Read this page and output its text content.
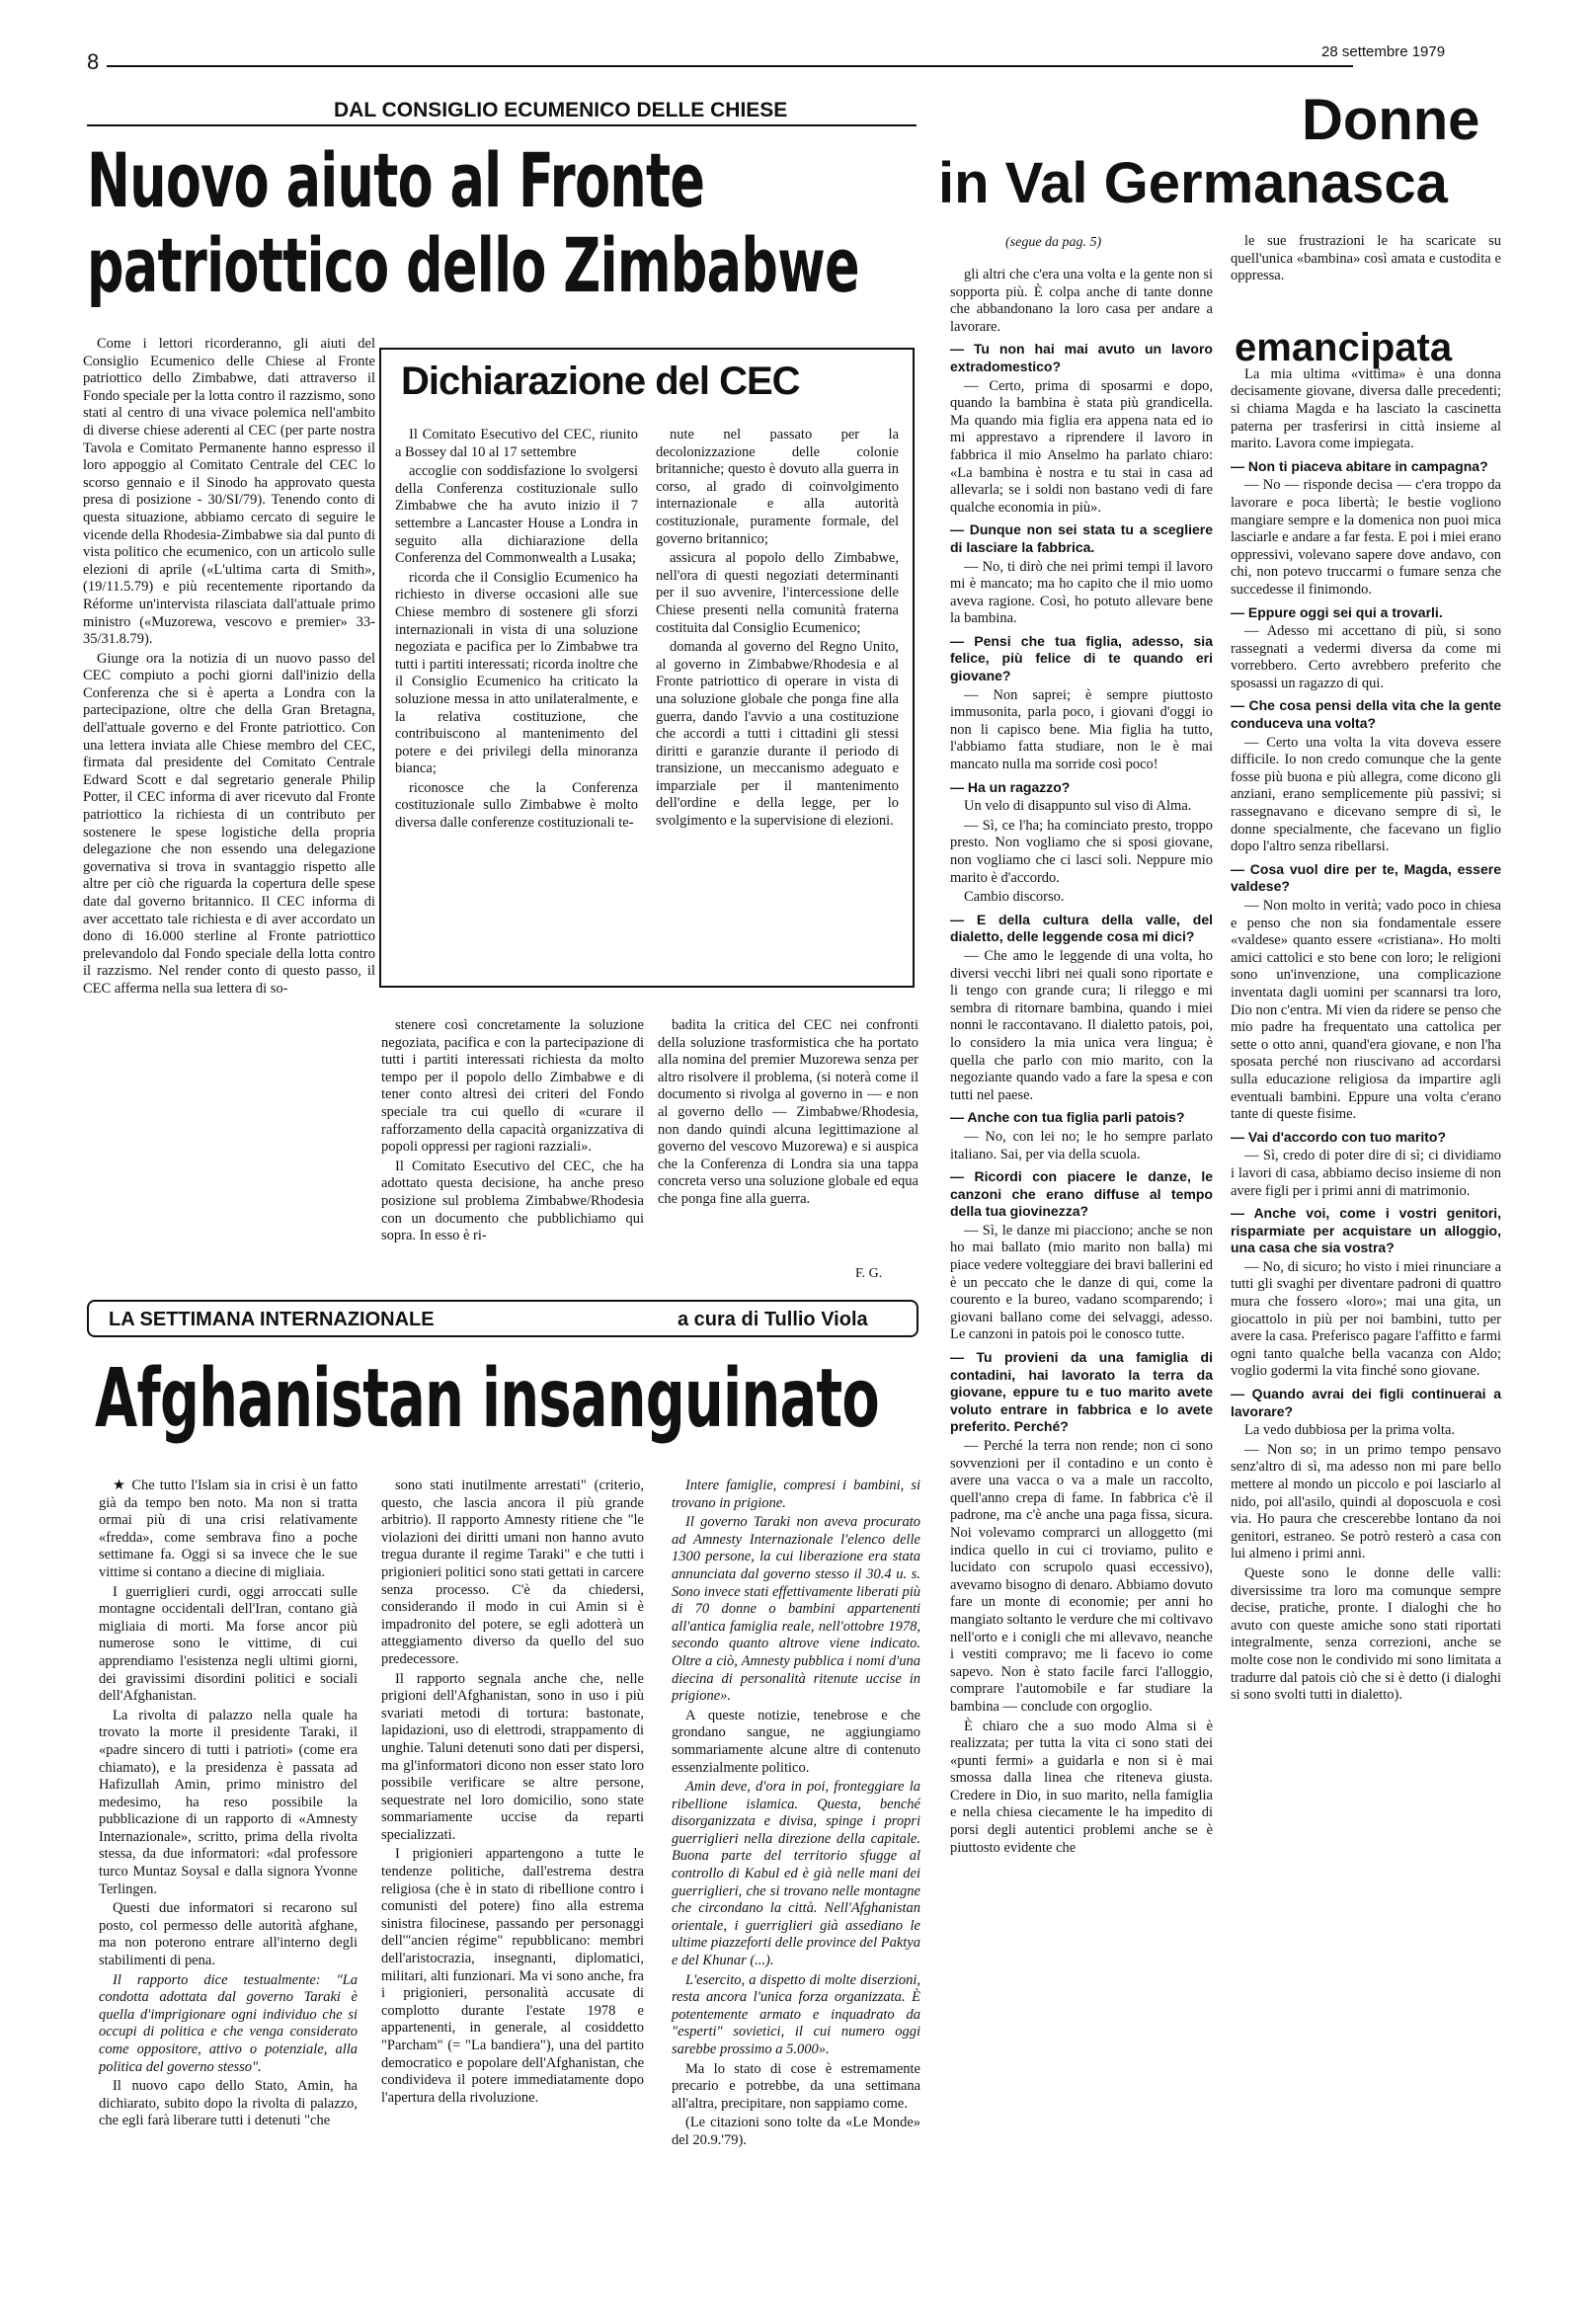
8	28 settembre 1979
DAL CONSIGLIO ECUMENICO DELLE CHIESE
Nuovo aiuto al Fronte
patriottico dello Zimbabwe

Come i lettori ricorderanno, gli aiuti del Consiglio Ecumenico delle Chiese al Fronte patriottico dello Zimbabwe, dati attraverso il Fondo speciale per la lotta contro il razzismo, sono stati al centro di una vivace polemica nell'ambito di diverse chiese aderenti al CEC (per parte nostra Tavola e Comitato Permanente hanno espresso il loro appoggio al Comitato Centrale del CEC lo scorso gennaio e il Sinodo ha approvato questa presa di posizione - 30/SI/79). Tenendo conto di questa situazione, abbiamo cercato di seguire le vicende della Rhodesia-Zimbabwe sia dal punto di vista politico che ecumenico, con un articolo sulle elezioni di aprile («L'ultima carta di Smith», (19/11.5.79) e più recentemente riportando da Réforme un'intervista rilasciata dall'attuale primo ministro («Muzorewa, vescovo e premier» 33-35/31.8.79).

Giunge ora la notizia di un nuovo passo del CEC compiuto a pochi giorni dall'inizio della Conferenza che si è aperta a Londra con la partecipazione, oltre che della Gran Bretagna, dell'attuale governo e del Fronte patriottico. Con una lettera inviata alle Chiese membro del CEC, firmata dal presidente del Comitato Centrale Edward Scott e dal segretario generale Philip Potter, il CEC informa di aver ricevuto dal Fronte patriottico la richiesta di un contributo per sostenere le spese logistiche della propria delegazione che non essendo una delegazione governativa si trova in svantaggio rispetto alle altre per ciò che riguarda la copertura delle spese date dal governo britannico. Il CEC informa di aver accettato tale richiesta e di aver accordato un dono di 16.000 sterline al Fronte patriottico prelevandolo dal Fondo speciale della lotta contro il razzismo. Nel render conto di questo passo, il CEC afferma nella sua lettera di so-

Dichiarazione del CEC

Il Comitato Esecutivo del CEC, riunito a Bossey dal 10 al 17 settembre

accoglie con soddisfazione lo svolgersi della Conferenza costituzionale sullo Zimbabwe che ha avuto inizio il 7 settembre a Lancaster House a Londra in seguito alla dichiarazione della Conferenza del Commonwealth a Lusaka;

ricorda che il Consiglio Ecumenico ha richiesto in diverse occasioni alle sue Chiese membro di sostenere gli sforzi internazionali in vista di una soluzione negoziata e pacifica per lo Zimbabwe tra tutti i partiti interessati; ricorda inoltre che il Consiglio Ecumenico ha criticato la soluzione messa in atto unilateralmente, e la relativa costituzione, che contribuiscono al mantenimento del potere e dei privilegi della minoranza bianca;

riconosce che la Conferenza costituzionale sullo Zimbabwe è molto diversa dalle conferenze costituzionali te-

nute nel passato per la decolonizzazione delle colonie britanniche; questo è dovuto alla guerra in corso, al grado di coinvolgimento internazionale e alla autorità costituzionale, puramente formale, del governo britannico;

assicura al popolo dello Zimbabwe, nell'ora di questi negoziati determinanti per il suo avvenire, l'intercessione delle Chiese presenti nella comunità fraterna costituita dal Consiglio Ecumenico;

domanda al governo del Regno Unito, al governo in Zimbabwe/Rhodesia e al Fronte patriottico di operare in vista di una soluzione globale che ponga fine alla guerra, dando l'avvio a una costituzione che accordi a tutti i cittadini gli stessi diritti e garanzie durante il periodo di transizione, un meccanismo adeguato e imparziale per il mantenimento dell'ordine e della legge, per lo svolgimento e la supervisione di elezioni.

stenere così concretamente la soluzione negoziata, pacifica e con la partecipazione di tutti i partiti interessati richiesta da molto tempo per il popolo dello Zimbabwe e di tener conto altresì dei criteri del Fondo speciale tra cui quello di «curare il rafforzamento della capacità organizzativa di popoli oppressi per ragioni razziali».

Il Comitato Esecutivo del CEC, che ha adottato questa decisione, ha anche preso posizione sul problema Zimbabwe/Rhodesia con un documento che pubblichiamo qui sopra. In esso è ri-

badita la critica del CEC nei confronti della soluzione trasformistica che ha portato alla nomina del premier Muzorewa senza per altro risolvere il problema, (si noterà come il documento si rivolga al governo in — e non al governo dello — Zimbabwe/Rhodesia, non dando quindi alcuna legittimazione al governo del vescovo Muzorewa) e si auspica che la Conferenza di Londra sia una tappa concreta verso una soluzione globale ed equa che ponga fine alla guerra.

F. G.
LA SETTIMANA INTERNAZIONALE	a cura di Tullio Viola
Afghanistan insanguinato

★ Che tutto l'Islam sia in crisi è un fatto già da tempo ben noto. Ma non si tratta ormai più di una crisi relativamente «fredda», come sembrava fino a poche settimane fa. Oggi si sa invece che le sue vittime si contano a diecine di migliaia.

I guerriglieri curdi, oggi arroccati sulle montagne occidentali dell'Iran, contano già migliaia di morti. Ma forse ancor più numerose sono le vittime, di cui apprendiamo l'esistenza negli ultimi giorni, dei gravissimi disordini politici e sociali dell'Afghanistan.

La rivolta di palazzo nella quale ha trovato la morte il presidente Taraki, il «padre sincero di tutti i patrioti» (come era chiamato), e la presidenza è passata ad Hafizullah Amin, primo ministro del medesimo, ha reso possibile la pubblicazione di un rapporto di «Amnesty Internazionale», scritto, prima della rivolta stessa, da due informatori: «dal professore turco Muntaz Soysal e dalla signora Yvonne Terlingen.

Questi due informatori si recarono sul posto, col permesso delle autorità afghane, ma non poterono entrare all'interno degli stabilimenti di pena.

Il rapporto dice testualmente: "La condotta adottata dal governo Taraki è quella d'imprigionare ogni individuo che si occupi di politica e che venga considerato come oppositore, attivo o potenziale, alla politica del governo stesso".

Il nuovo capo dello Stato, Amin, ha dichiarato, subito dopo la rivolta di palazzo, che egli farà liberare tutti i detenuti "che

sono stati inutilmente arrestati" (criterio, questo, che lascia ancora il più grande arbitrio). Il rapporto Amnesty ritiene che "le violazioni dei diritti umani non hanno avuto tregua durante il regime Taraki" e che tutti i prigionieri politici sono stati gettati in carcere senza processo. C'è da chiedersi, considerando il modo in cui Amin si è impadronito del potere, se egli adotterà un atteggiamento diverso da quello del suo predecessore.

Il rapporto segnala anche che, nelle prigioni dell'Afghanistan, sono in uso i più svariati metodi di tortura: bastonate, lapidazioni, uso di elettrodi, strappamento di unghie. Taluni detenuti sono dati per dispersi, ma gl'informatori dicono non esser stato loro possibile verificare se altre persone, sequestrate nel loro domicilio, sono state sommariamente uccise da reparti specializzati.

I prigionieri appartengono a tutte le tendenze politiche, dall'estrema destra religiosa (che è in stato di ribellione contro i comunisti del potere) fino alla estrema sinistra filocinese, passando per personaggi dell'"ancien régime" repubblicano: membri dell'aristocrazia, insegnanti, diplomatici, militari, alti funzionari. Ma vi sono anche, fra i prigionieri, personalità accusate di complotto durante l'estate 1978 e appartenenti, in generale, al cosiddetto "Parcham" (= "La bandiera"), una del partito democratico e popolare dell'Afghanistan, che condivideva il potere immediatamente dopo l'apertura della rivoluzione.

Intere famiglie, compresi i bambini, si trovano in prigione.

Il governo Taraki non aveva procurato ad Amnesty Internazionale l'elenco delle 1300 persone, la cui liberazione era stata annunciata dal governo stesso il 30.4 u. s. Sono invece stati effettivamente liberati più di 70 donne o bambini appartenenti all'antica famiglia reale, nell'ottobre 1978, secondo quanto altrove viene indicato. Oltre a ciò, Amnesty pubblica i nomi d'una diecina di personalità ritenute uccise in prigione».

A queste notizie, tenebrose e che grondano sangue, ne aggiungiamo sommariamente alcune altre di contenuto essenzialmente politico.

Amin deve, d'ora in poi, fronteggiare la ribellione islamica. Questa, benché disorganizzata e divisa, spinge i propri guerriglieri nella direzione della capitale. Buona parte del territorio sfugge al controllo di Kabul ed è già nelle mani dei guerriglieri, che si trovano nelle montagne che circondano la città. Nell'Afghanistan orientale, i guerriglieri già assediano le ultime piazzeforti delle province del Paktya e del Khunar (...).

L'esercito, a dispetto di molte diserzioni, resta ancora l'unica forza organizzata. È potentemente armato e inquadrato da "esperti" sovietici, il cui numero oggi sarebbe prossimo a 5.000».

Ma lo stato di cose è estremamente precario e potrebbe, da una settimana all'altra, precipitare, non sappiamo come.

(Le citazioni sono tolte da «Le Monde» del 20.9.'79).

Donne
in Val Germanasca
(segue da pag. 5)

gli altri che c'era una volta e la gente non si sopporta più. È colpa anche di tante donne che abbandonano la loro casa per andare a lavorare.

— Tu non hai mai avuto un lavoro extradomestico?

— Certo, prima di sposarmi e dopo, quando la bambina è stata più grandicella. Ma quando mia figlia era appena nata ed io mi apprestavo a riprendere il lavoro in fabbrica il mio Anselmo ha parlato chiaro: «La bambina è nostra e tu stai in casa ad allevarla; se i soldi non bastano vedi di fare qualche economia in più».

— Dunque non sei stata tu a scegliere di lasciare la fabbrica.

— No, ti dirò che nei primi tempi il lavoro mi è mancato; ma ho capito che il mio uomo aveva ragione. Così, ho potuto allevare bene la bambina.

— Pensi che tua figlia, adesso, sia felice, più felice di te quando eri giovane?

— Non saprei; è sempre piuttosto immusonita, parla poco, i giovani d'oggi io non li capisco bene. Mia figlia ha tutto, l'abbiamo fatta studiare, non le è mai mancato nulla ma sorride così poco!

— Ha un ragazzo?

Un velo di disappunto sul viso di Alma.

— Sì, ce l'ha; ha cominciato presto, troppo presto. Non vogliamo che si sposi giovane, non vogliamo che ci lasci soli. Neppure mio marito è d'accordo.

Cambio discorso.

— E della cultura della valle, del dialetto, delle leggende cosa mi dici?

— Che amo le leggende di una volta, ho diversi vecchi libri nei quali sono riportate e li tengo con grande cura; li rileggo e mi sembra di ritornare bambina, quando i miei nonni le raccontavano. Il dialetto patois, poi, lo considero la mia unica vera lingua; è quella che parlo con mio marito, con la negoziante quando vado a fare la spesa e con tutti nel paese.

— Anche con tua figlia parli patois?

— No, con lei no; le ho sempre parlato italiano. Sai, per via della scuola.

— Ricordi con piacere le danze, le canzoni che erano diffuse al tempo della tua giovinezza?

— Sì, le danze mi piacciono; anche se non ho mai ballato (mio marito non balla) mi piace vedere volteggiare dei bravi ballerini ed è un peccato che le danze di qui, come la courento e la bureo, vadano scomparendo; i giovani ballano come dei selvaggi, adesso. Le canzoni in patois poi le conosco tutte.

— Tu provieni da una famiglia di contadini, hai lavorato la terra da giovane, eppure tu e tuo marito avete voluto entrare in fabbrica e lo avete preferito. Perché?

— Perché la terra non rende; non ci sono sovvenzioni per il contadino e un conto è avere una vacca o va a male un raccolto, quell'anno crepa di fame. In fabbrica c'è il padrone, ma c'è anche una paga fissa, sicura. Noi volevamo comprarci un alloggetto (mi indica quello in cui ci troviamo, pulito e lucidato con scrupolo quasi eccessivo), avevamo bisogno di denaro. Abbiamo dovuto fare un monte di economie; per anni ho mangiato soltanto le verdure che mi coltivavo nell'orto e i conigli che mi allevavo, neanche i vestiti compravo; me li facevo io come sapevo. Non è stato facile farci l'alloggio, comprare l'automobile e far studiare la bambina — conclude con orgoglio.

È chiaro che a suo modo Alma si è realizzata; per tutta la vita ci sono stati dei «punti fermi» a guidarla e non si è mai smossa dalla linea che riteneva giusta. Credere in Dio, in suo marito, nella famiglia e nella chiesa ciecamente le ha impedito di porsi degli autentici problemi anche se è piuttosto evidente che

emancipata

le sue frustrazioni le ha scaricate su quell'unica «bambina» così amata e custodita e oppressa.

La mia ultima «vittima» è una donna decisamente giovane, diversa dalle precedenti; si chiama Magda e ha lasciato la cascinetta paterna per trasferirsi in città insieme al marito. Lavora come impiegata.

— Non ti piaceva abitare in campagna?

— No — risponde decisa — c'era troppo da lavorare e poca libertà; le bestie vogliono mangiare sempre e la domenica non puoi mica lasciarle e andare a far festa. E poi i miei erano oppressivi, volevano sapere dove andavo, con chi, non potevo truccarmi o fumare senza che succedesse il finimondo.

— Eppure oggi sei qui a trovarli.

— Adesso mi accettano di più, si sono rassegnati a vedermi diversa da come mi vorrebbero. Certo avrebbero preferito che sposassi un ragazzo di qui.

— Che cosa pensi della vita che la gente conduceva una volta?

— Certo una volta la vita doveva essere difficile. Io non credo comunque che la gente fosse più buona e più allegra, come dicono gli anziani, erano semplicemente più passivi; si rassegnavano e dicevano sempre di sì, le donne specialmente, che facevano un figlio dopo l'altro senza ribellarsi.

— Cosa vuol dire per te, Magda, essere valdese?

— Non molto in verità; vado poco in chiesa e penso che non sia fondamentale essere «valdese» quanto essere «cristiana». Ho molti amici cattolici e sto bene con loro; le religioni sono un'invenzione, una complicazione inventata dagli uomini per scannarsi tra loro, Dio non c'entra. Mi vien da ridere se penso che mio padre ha frequentato una cattolica per sette o otto anni, quand'era giovane, e non l'ha sposata perché non riuscivano ad accordarsi sulla educazione religiosa da impartire agli eventuali bambini. Eppure una volta c'erano tante di queste fisime.

— Vai d'accordo con tuo marito?

— Sì, credo di poter dire di sì; ci dividiamo i lavori di casa, abbiamo deciso insieme di non avere figli per i primi anni di matrimonio.

— Anche voi, come i vostri genitori, risparmiate per acquistare un alloggio, una casa che sia vostra?

— No, di sicuro; ho visto i miei rinunciare a tutti gli svaghi per diventare padroni di quattro mura che fossero «loro»; mai una gita, un giocattolo in più per noi bambini, tutto per avere la casa. Preferisco pagare l'affitto e farmi ogni tanto qualche bella vacanza con Aldo; voglio godermi la vita finché sono giovane.

— Quando avrai dei figli continuerai a lavorare?

La vedo dubbiosa per la prima volta.

— Non so; in un primo tempo pensavo senz'altro di sì, ma adesso non mi pare bello mettere al mondo un piccolo e poi lasciarlo al nido, poi all'asilo, quindi al doposcuola e così via. Ho paura che crescerebbe lontano da noi genitori, estraneo. Se potrò resterò a casa con lui almeno i primi anni.

Queste sono le donne delle valli: diversissime tra loro ma comunque sempre decise, pratiche, pronte. I dialoghi che ho avuto con queste amiche sono stati riportati integralmente, senza correzioni, anche se molte cose non le condivido mi sono limitata a tradurre dal patois ciò che si è detto (i dialoghi si sono svolti tutti in dialetto).
